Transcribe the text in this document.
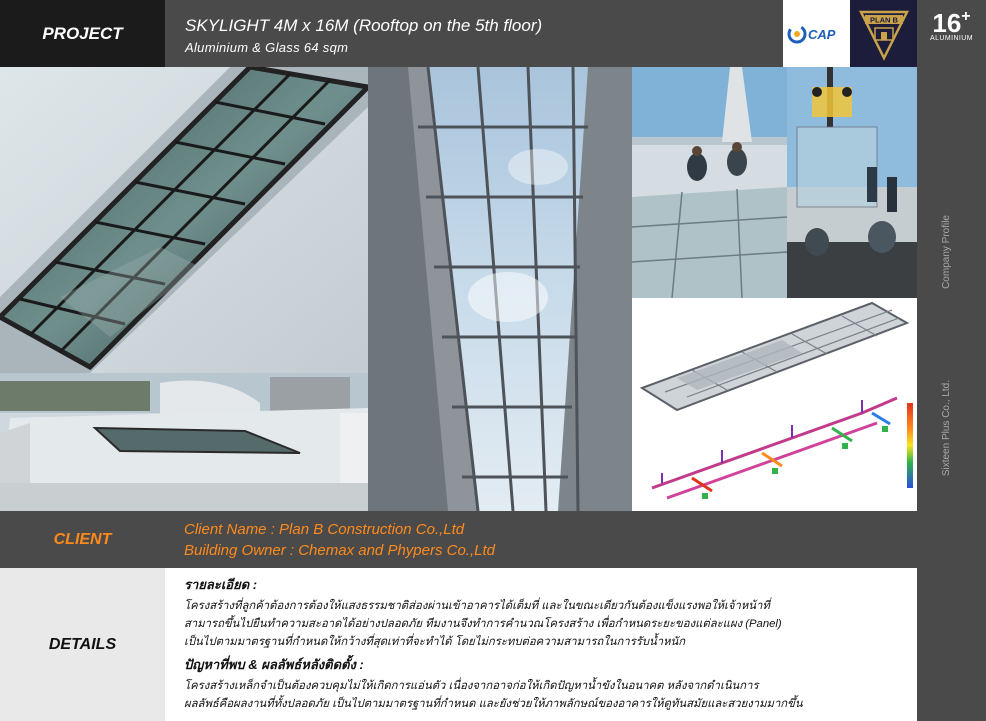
PROJECT	SKYLIGHT 4M x 16M (Rooftop on the 5th floor)
Aluminium & Glass 64 sqm
CAP
PLAN B	16+
ALUMINIUM
Company Profile
Sixteen Plus Co., Ltd.
CLIENT
Client Name : Plan B Construction Co.,Ltd
Building Owner : Chemax and Phypers Co.,Ltd
DETAILS
รายละเอียด :
โครงสร้างที่ลูกค้าต้องการต้องให้แสงธรรมชาติส่องผ่านเข้าอาคารได้เต็มที่ และในขณะเดียวกันต้องแข็งแรงพอให้เจ้าหน้าที่
สามารถขึ้นไปยืนทำความสะอาดได้อย่างปลอดภัย ทีมงานจึงทำการคำนวณโครงสร้าง เพื่อกำหนดระยะของแต่ละแผง (Panel)
เป็นไปตามมาตรฐานที่กำหนดให้กว้างที่สุดเท่าที่จะทำได้ โดยไม่กระทบต่อความสามารถในการรับน้ำหนัก
ปัญหาที่พบ & ผลลัพธ์หลังติดตั้ง :
โครงสร้างเหล็กจำเป็นต้องควบคุมไม่ให้เกิดการแอ่นตัว เนื่องจากอาจก่อให้เกิดปัญหาน้ำขังในอนาคต หลังจากดำเนินการ
ผลลัพธ์คือผลงานที่ทั้งปลอดภัย เป็นไปตามมาตรฐานที่กำหนด และยังช่วยให้ภาพลักษณ์ของอาคารให้ดูทันสมัยและสวยงามมากขึ้น
